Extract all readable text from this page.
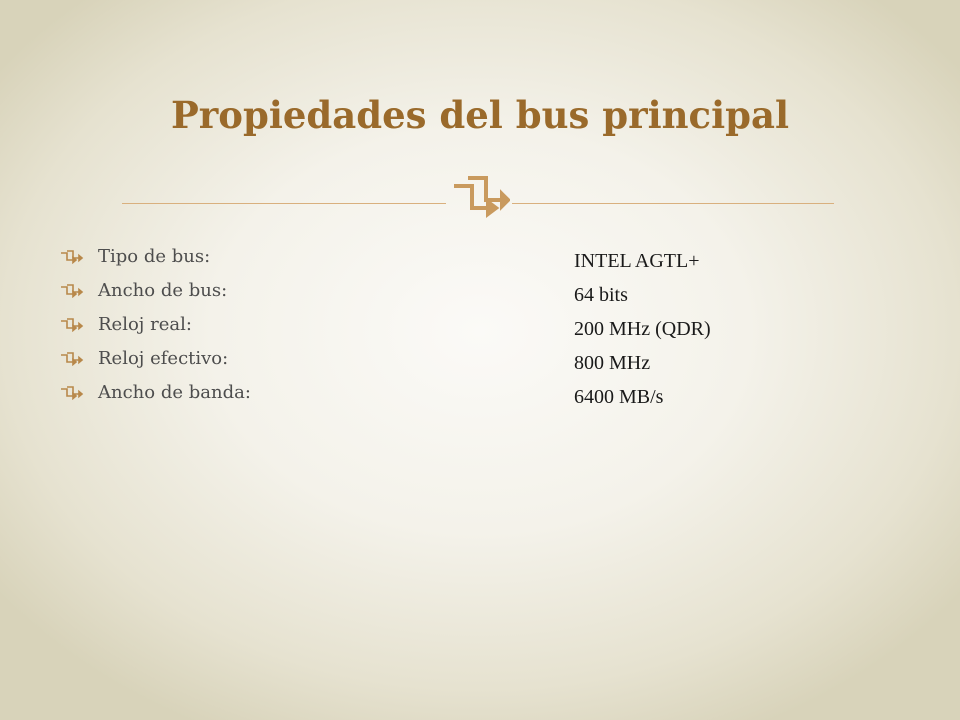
Propiedades del bus principal
Tipo de bus:
Ancho de bus:
Reloj real:
Reloj efectivo:
Ancho de banda:
INTEL AGTL+
64 bits
200 MHz (QDR)
800 MHz
6400 MB/s
